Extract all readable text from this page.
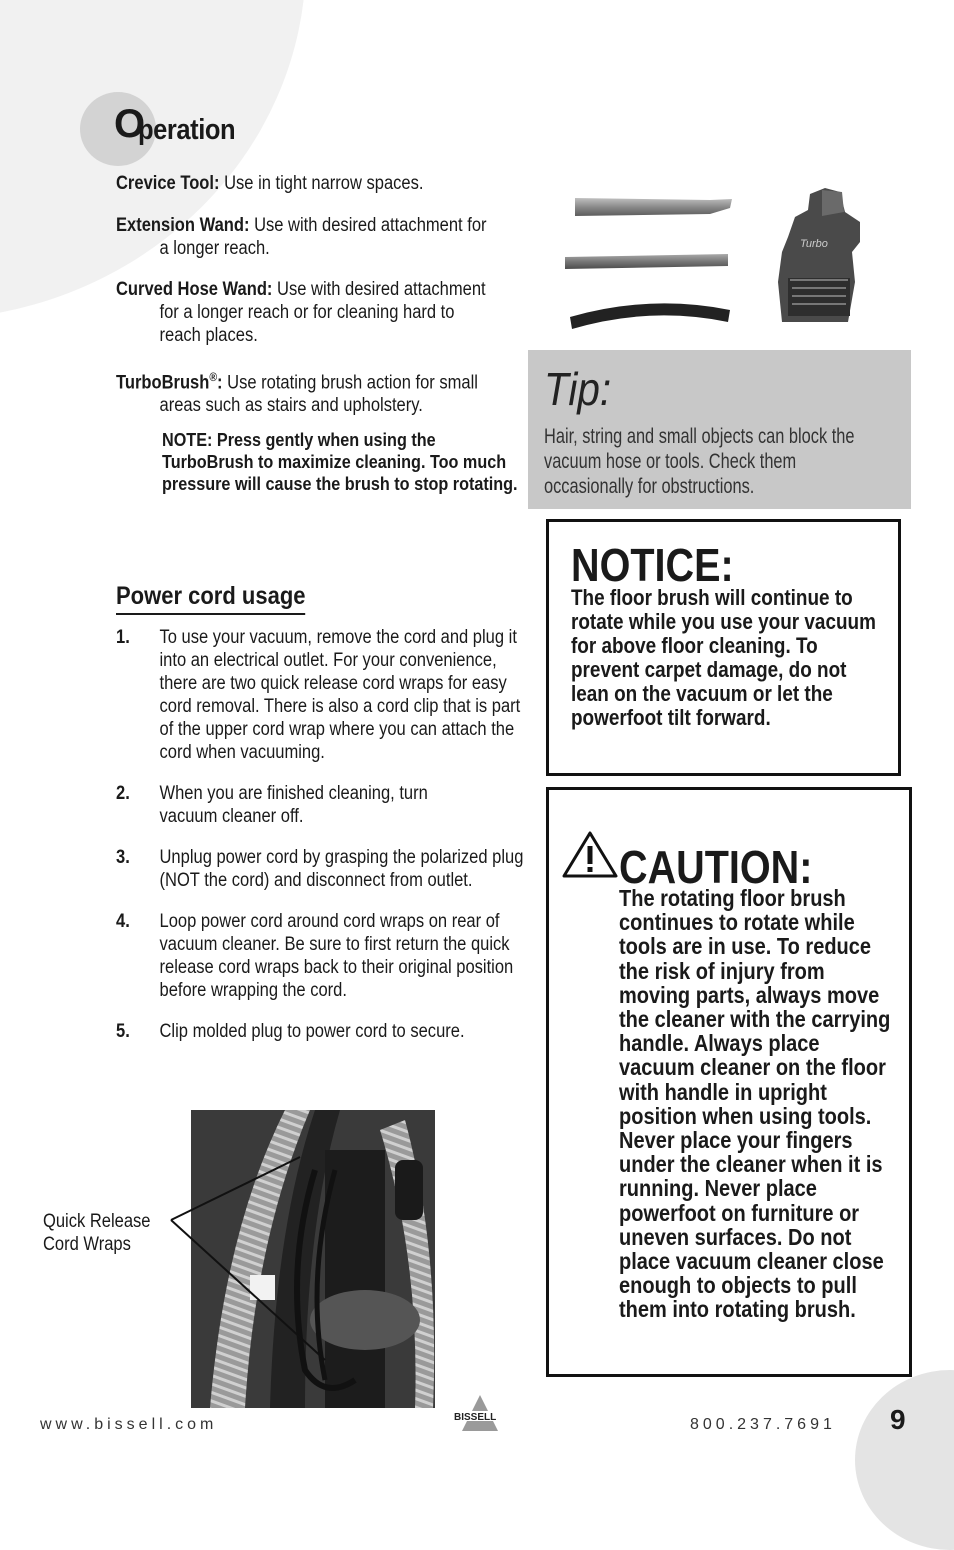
O
peration
Crevice Tool: Use in tight narrow spaces.
Extension Wand: Use with desired attachment for
a longer reach.
Curved Hose Wand: Use with desired attachment
for a longer reach or for cleaning hard to reach places.
TurboBrush®: Use rotating brush action for small
areas such as stairs and upholstery.
NOTE: Press gently when using the TurboBrush to maximize cleaning. Too much pressure will cause the brush to stop rotating.
Power cord usage
1.	To use your vacuum, remove the cord and plug it into an electrical outlet. For your convenience, there are two quick release cord wraps for easy cord removal. There is also a cord clip that is part of the upper cord wrap where you can attach the cord when vacuuming.
2.	When you are finished cleaning, turn vacuum cleaner off.
3.	Unplug power cord by grasping the polarized plug (NOT the cord) and disconnect from outlet.
4.	Loop power cord around cord wraps on rear of vacuum cleaner. Be sure to first return the quick release cord wraps back to their original position before wrapping the cord.
5.	Clip molded plug to power cord to secure.
Turbo
Tip:
Hair, string and small objects can block the vacuum hose or tools. Check them occasionally for obstructions.
NOTICE:
The floor brush will continue to rotate while you use your vacuum for above floor cleaning. To prevent carpet damage, do not lean on the vacuum or let the powerfoot tilt forward.
CAUTION:
The rotating floor brush continues to rotate while tools are in use. To reduce the risk of injury from moving parts, always move the cleaner with the carrying handle. Always place vacuum cleaner on the floor with handle in upright position when using tools. Never place your fingers under the cleaner when it is running. Never place powerfoot on furniture or uneven surfaces. Do not place vacuum cleaner close enough to objects to pull them into rotating brush.
Quick Release
Cord Wraps
www.bissell.com	BISSELL	800.237.7691 9
